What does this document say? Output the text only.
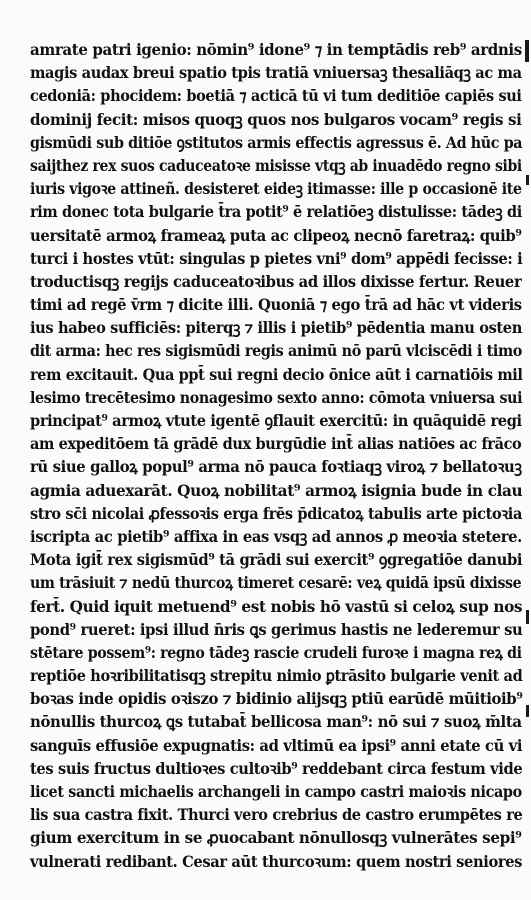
amrate patri igenio: nōmin⁹ idone⁹ ⁊ in temptādis reb⁹ ardnis
magis audax breui spatio tpis tratiā vniuersaꝫ thesaliāqꝫ ac ma
cedoniā: phocidem: boetiā ⁊ acticā tū vi tum deditiōe capiēs sui
dominij fecit: misos quoqꝫ quos nos bulgaros vocam⁹ regis si
gismūdi sub ditiōe ꝯstitutos armis effectis agressus ē. Ad hūc pa
saijthez rex suos caduceatoꝛe misisse vtqꝫ ab inuadēdo regno sibi
iuris vigoꝛe attineñ. desisteret eideꝫ itimasse: ille p occasionē ite
rim donec tota bulgarie t̄ra potit⁹ ē relatiōeꝫ distulisse: tādeꝫ di
uersitatē armoꝝ frameaꝝ puta ac clipeoꝝ necnō faretraꝝ: quib⁹
turci i hostes vtūt: singulas p pietes vni⁹ dom⁹ appēdi fecisse: i
troductisqꝫ regijs caduceatoꝛibus ad illos dixisse fertur. Reuer
timi ad regē v̄rm ⁊ dicite illi. Quoniā ⁊ ego t̄rā ad hāc vt videris
ius habeo sufficiēs: piterqꝫ ⁊ illis i pietib⁹ pēdentia manu osten
dit arma: hec res sigismūdi regis animū nō parū vlciscēdi i timo
rem excitauit. Qua ppt̄ sui regni decio ōnice aūt i carnatiōis mil
lesimo trecētesimo nonagesimo sexto anno: cōmota vniuersa sui
principat⁹ armoꝝ vtute igentē ꝯflauit exercitū: in quāquidē regi
am expeditōem tā grādē dux burgūdie int̄ alias natiōes ac frāco
rū siue galloꝝ popul⁹ arma nō pauca foꝛtiaqꝫ viroꝝ ⁊ bellatoꝛuꝫ
agmia aduexarāt. Quoꝝ nobilitat⁹ armoꝝ isignia bude in clau
stro sc̄i nicolai ꝓfessoꝛis erga frēs p̄dicatoꝝ tabulis arte pictoꝛia
iscripta ac pietib⁹ affixa in eas vsqꝫ ad annos ꝓ meoꝛia stetere.
Mota igit̄ rex sigismūd⁹ tā grādi sui exercit⁹ ꝯgregatiōe danubi
um trāsiuit ⁊ nedū thurcoꝝ timeret cesarē: veꝝ quidā ipsū dixisse
fert̄. Quid iquit metuend⁹ est nobis hō vastū si celoꝝ sup nos
pond⁹ rueret: ipsi illud n̄ris ꝗs gerimus hastis ne lederemur su
stētare possem⁹: regno tādeꝫ rascie crudeli furoꝛe i magna reꝝ di
reptiōe hoꝛribilitatisqꝫ strepitu nimio ꝑtrāsito bulgarie venit ad
boꝛas inde opidis oꝛiszo ⁊ bidinio alijsqꝫ ptiū earūdē mūitioib⁹
nōnullis thurcoꝝ ꝗs tutabat̄ bellicosa man⁹: nō sui ⁊ suoꝝ m̄lta
sanguīs effusiōe expugnatis: ad vltimū ea ipsi⁹ anni etate cū vi
tes suis fructus dultioꝛes cultoꝛib⁹ reddebant circa festum vide
licet sancti michaelis archangeli in campo castri maioꝛis nicapo
lis sua castra fixit. Thurci vero crebrius de castro erumpētes re
gium exercitum in se ꝓuocabant nōnullosqꝫ vulnerātes sepi⁹
vulnerati redibant. Cesar aūt thurcoꝛum: quem nostri seniores
